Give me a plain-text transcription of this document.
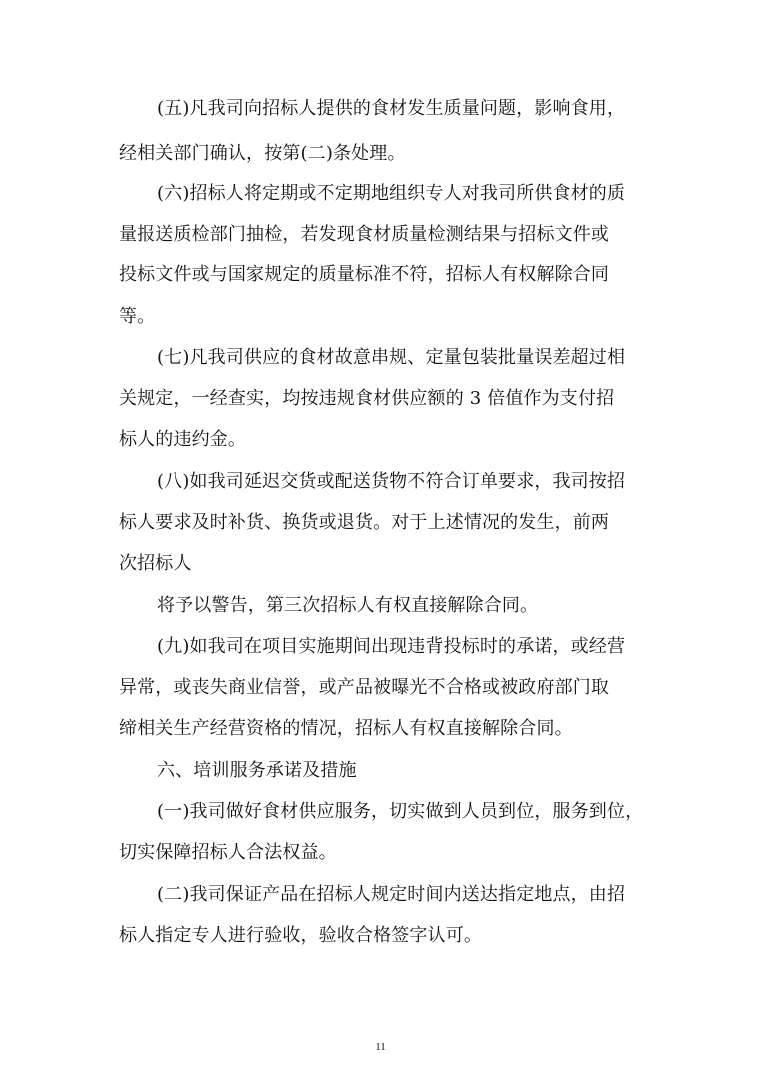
(五)凡我司向招标人提供的食材发生质量问题，影响食用，
经相关部门确认，按第(二)条处理。
(六)招标人将定期或不定期地组织专人对我司所供食材的质
量报送质检部门抽检，若发现食材质量检测结果与招标文件或
投标文件或与国家规定的质量标准不符，招标人有权解除合同
等。
(七)凡我司供应的食材故意串规、定量包装批量误差超过相
关规定，一经查实，均按违规食材供应额的 3 倍值作为支付招
标人的违约金。
(八)如我司延迟交货或配送货物不符合订单要求，我司按招
标人要求及时补货、换货或退货。对于上述情况的发生，前两
次招标人
将予以警告，第三次招标人有权直接解除合同。
(九)如我司在项目实施期间出现违背投标时的承诺，或经营
异常，或丧失商业信誉，或产品被曝光不合格或被政府部门取
缔相关生产经营资格的情况，招标人有权直接解除合同。
六、培训服务承诺及措施
(一)我司做好食材供应服务，切实做到人员到位，服务到位，
切实保障招标人合法权益。
(二)我司保证产品在招标人规定时间内送达指定地点，由招
标人指定专人进行验收，验收合格签字认可。
11
